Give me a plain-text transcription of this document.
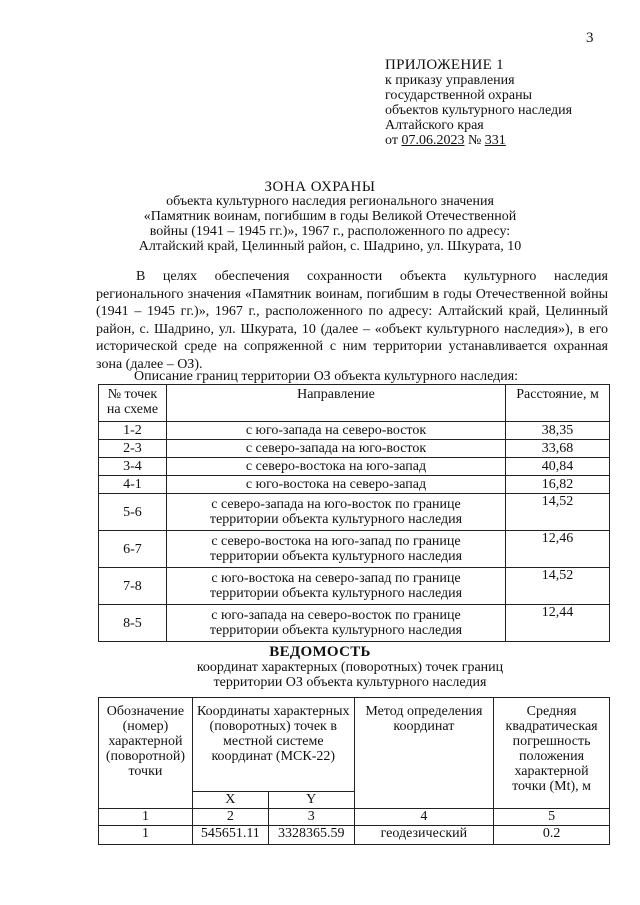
3
ПРИЛОЖЕНИЕ 1
к приказу управления
государственной охраны
объектов культурного наследия
Алтайского края
от 07.06.2023 № 331
ЗОНА ОХРАНЫ
объекта культурного наследия регионального значения
«Памятник воинам, погибшим в годы Великой Отечественной
войны (1941 – 1945 гг.)», 1967 г., расположенного по адресу:
Алтайский край, Целинный район, с. Шадрино, ул. Шкурата, 10
В целях обеспечения сохранности объекта культурного наследия регионального значения «Памятник воинам, погибшим в годы Отечественной войны (1941 – 1945 гг.)», 1967 г., расположенного по адресу: Алтайский край, Целинный район, с. Шадрино, ул. Шкурата, 10 (далее – «объект культурного наследия»), в его исторической среде на сопряженной с ним территории устанавливается охранная зона (далее – ОЗ).
Описание границ территории ОЗ объекта культурного наследия:
№ точек на схеме	Направление	Расстояние, м
1-2	с юго-запада на северо-восток	38,35
2-3	с северо-запада на юго-восток	33,68
3-4	с северо-востока на юго-запад	40,84
4-1	с юго-востока на северо-запад	16,82
5-6	с северо-запада на юго-восток по границе
территории объекта культурного наследия	14,52
6-7	с северо-востока на юго-запад по границе
территории объекта культурного наследия	12,46
7-8	с юго-востока на северо-запад по границе
территории объекта культурного наследия	14,52
8-5	с юго-запада на северо-восток по границе
территории объекта культурного наследия	12,44
ВЕДОМОСТЬ
координат характерных (поворотных) точек границ
территории ОЗ объекта культурного наследия
Обозначение (номер) характерной (поворотной) точки	Координаты характерных (поворотных) точек в местной системе координат (МСК-22)		Метод определения координат	Средняя квадратическая погрешность положения характерной точки (Mt), м
	X	Y		
1	2	3	4	5
1	545651.11	3328365.59	геодезический	0.2
